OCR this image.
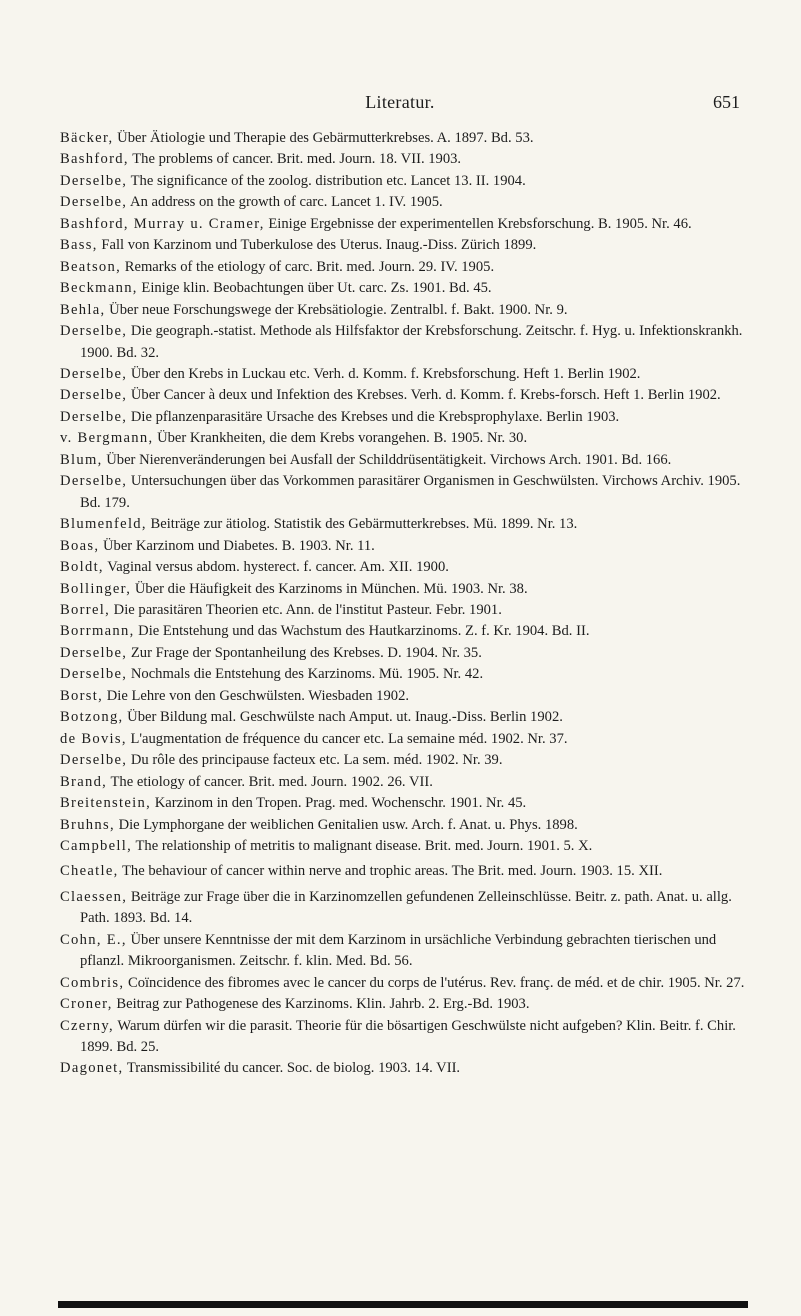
Literatur.	651

Bäcker, Über Ätiologie und Therapie des Gebärmutterkrebses. A. 1897. Bd. 53.

Bashford, The problems of cancer. Brit. med. Journ. 18. VII. 1903.

Derselbe, The significance of the zoolog. distribution etc. Lancet 13. II. 1904.

Derselbe, An address on the growth of carc. Lancet 1. IV. 1905.

Bashford, Murray u. Cramer, Einige Ergebnisse der experimentellen Krebsforschung. B. 1905. Nr. 46.

Bass, Fall von Karzinom und Tuberkulose des Uterus. Inaug.-Diss. Zürich 1899.

Beatson, Remarks of the etiology of carc. Brit. med. Journ. 29. IV. 1905.

Beckmann, Einige klin. Beobachtungen über Ut. carc. Zs. 1901. Bd. 45.

Behla, Über neue Forschungswege der Krebsätiologie. Zentralbl. f. Bakt. 1900. Nr. 9.

Derselbe, Die geograph.-statist. Methode als Hilfsfaktor der Krebsforschung. Zeitschr. f. Hyg. u. Infektionskrankh. 1900. Bd. 32.

Derselbe, Über den Krebs in Luckau etc. Verh. d. Komm. f. Krebsforschung. Heft 1. Berlin 1902.

Derselbe, Über Cancer à deux und Infektion des Krebses. Verh. d. Komm. f. Krebs-forsch. Heft 1. Berlin 1902.

Derselbe, Die pflanzenparasitäre Ursache des Krebses und die Krebsprophylaxe. Berlin 1903.

v. Bergmann, Über Krankheiten, die dem Krebs vorangehen. B. 1905. Nr. 30.

Blum, Über Nierenveränderungen bei Ausfall der Schilddrüsentätigkeit. Virchows Arch. 1901. Bd. 166.

Derselbe, Untersuchungen über das Vorkommen parasitärer Organismen in Geschwülsten. Virchows Archiv. 1905. Bd. 179.

Blumenfeld, Beiträge zur ätiolog. Statistik des Gebärmutterkrebses. Mü. 1899. Nr. 13.

Boas, Über Karzinom und Diabetes. B. 1903. Nr. 11.

Boldt, Vaginal versus abdom. hysterect. f. cancer. Am. XII. 1900.

Bollinger, Über die Häufigkeit des Karzinoms in München. Mü. 1903. Nr. 38.

Borrel, Die parasitären Theorien etc. Ann. de l'institut Pasteur. Febr. 1901.

Borrmann, Die Entstehung und das Wachstum des Hautkarzinoms. Z. f. Kr. 1904. Bd. II.

Derselbe, Zur Frage der Spontanheilung des Krebses. D. 1904. Nr. 35.

Derselbe, Nochmals die Entstehung des Karzinoms. Mü. 1905. Nr. 42.

Borst, Die Lehre von den Geschwülsten. Wiesbaden 1902.

Botzong, Über Bildung mal. Geschwülste nach Amput. ut. Inaug.-Diss. Berlin 1902.

de Bovis, L'augmentation de fréquence du cancer etc. La semaine méd. 1902. Nr. 37.

Derselbe, Du rôle des principause facteux etc. La sem. méd. 1902. Nr. 39.

Brand, The etiology of cancer. Brit. med. Journ. 1902. 26. VII.

Breitenstein, Karzinom in den Tropen. Prag. med. Wochenschr. 1901. Nr. 45.

Bruhns, Die Lymphorgane der weiblichen Genitalien usw. Arch. f. Anat. u. Phys. 1898.

Campbell, The relationship of metritis to malignant disease. Brit. med. Journ. 1901. 5. X.

Cheatle, The behaviour of cancer within nerve and trophic areas. The Brit. med. Journ. 1903. 15. XII.

Claessen, Beiträge zur Frage über die in Karzinomzellen gefundenen Zelleinschlüsse. Beitr. z. path. Anat. u. allg. Path. 1893. Bd. 14.

Cohn, E., Über unsere Kenntnisse der mit dem Karzinom in ursächliche Verbindung gebrachten tierischen und pflanzl. Mikroorganismen. Zeitschr. f. klin. Med. Bd. 56.

Combris, Coïncidence des fibromes avec le cancer du corps de l'utérus. Rev. franç. de méd. et de chir. 1905. Nr. 27.

Croner, Beitrag zur Pathogenese des Karzinoms. Klin. Jahrb. 2. Erg.-Bd. 1903.

Czerny, Warum dürfen wir die parasit. Theorie für die bösartigen Geschwülste nicht aufgeben? Klin. Beitr. f. Chir. 1899. Bd. 25.

Dagonet, Transmissibilité du cancer. Soc. de biolog. 1903. 14. VII.
